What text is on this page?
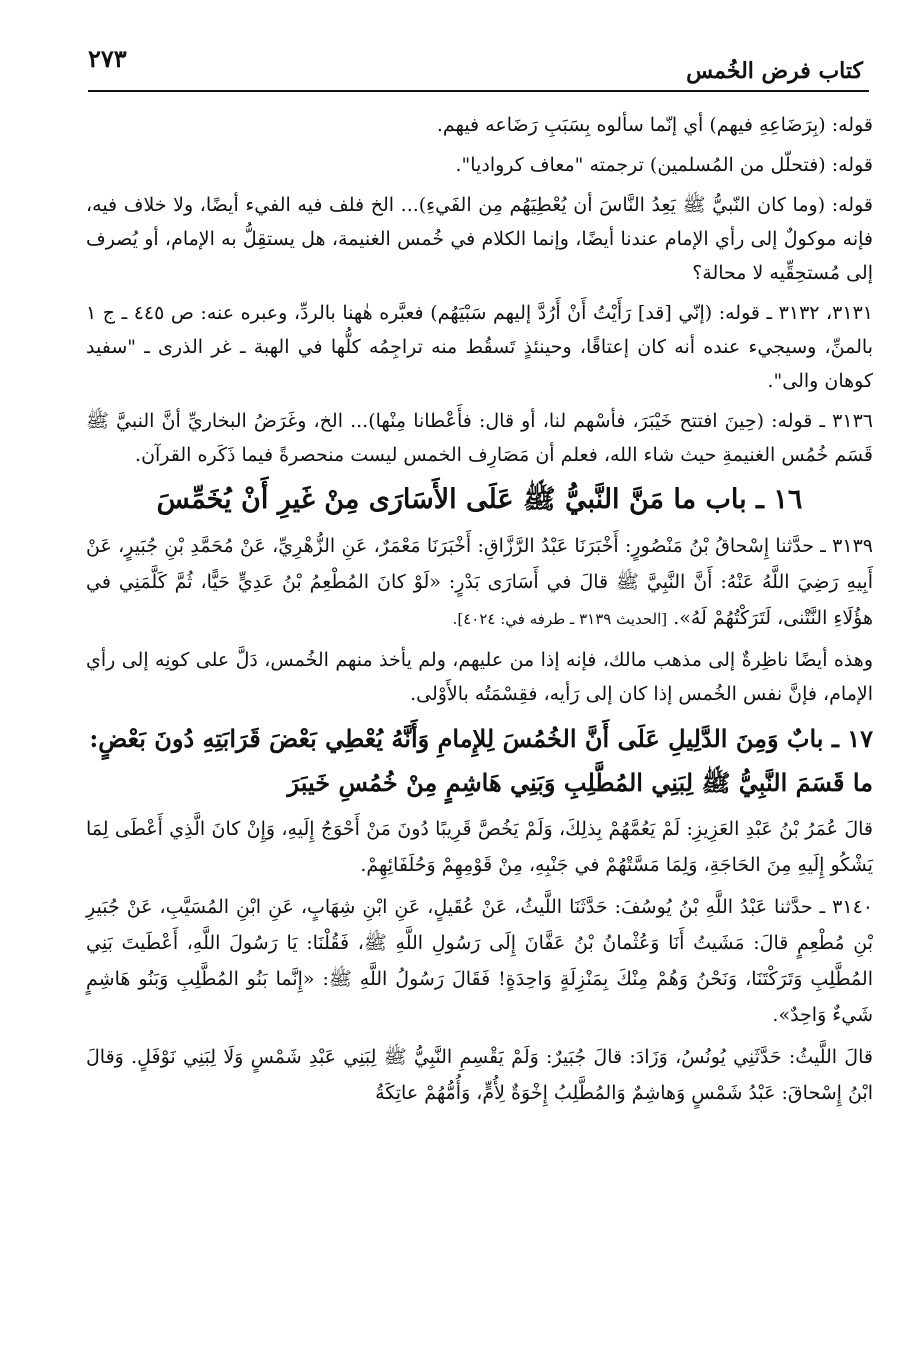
كتاب فرض الخُمس
٢٧٣

قوله: (بِرَضَاعِهِ فيهم) أي إنّما سألوه بِسَبَبِ رَضَاعه فيهم.

قوله: (فتحلّل من المُسلمين) ترجمته "معاف كروادیا".

قوله: (وما كان النّبيُّ ﷺ يَعِدُ النَّاسَ أن يُعْطِيَهُم مِن الفَيءِ)... الخ فلف فيه الفيء أيضًا، ولا خلاف فيه، فإنه موكولٌ إلى رأي الإمام عندنا أيضًا، وإنما الكلام في خُمس الغنيمة، هل يستقِلُّ به الإمام، أو يُصرف إلى مُستحِقِّيه لا محالة؟

٣١٣١، ٣١٣٢ ـ قوله: (إنّي [قد] رَأَيْتُ أَنْ أَرُدَّ إليهم سَبْيَهُم) فعبَّره هٰهنا بالردِّ، وعبره عنه: ص ٤٤٥ ـ ج ١ بالمنِّ، وسيجيء عنده أنه كان إعتاقًا، وحينئذٍ تَسقُط منه تراجِمُه كلُّها في الهبة ـ غر الذرى ـ "سفيد كوهان والى".

٣١٣٦ ـ قوله: (حِينَ افتتح خَيْبَرَ، فأسْهم لنا، أو قال: فأَعْطانا مِنْها)... الخ، وغَرَضُ البخاريِّ أنَّ النبيَّ ﷺ قَسَم خُمُس الغنيمةِ حيث شاء الله، فعلم أن مَصَارِف الخمس ليست منحصرةً فيما ذَكَره القرآن.

١٦ ـ باب ما مَنَّ النَّبيُّ ﷺ عَلَى الأَسَارَى مِنْ غَيرِ أَنْ يُخَمِّسَ

٣١٣٩ ـ حدَّثنا إِسْحاقُ بْنُ مَنْصُورٍ: أَخْبَرَنَا عَبْدُ الرَّزَّاقِ: أَخْبَرَنَا مَعْمَرٌ، عَنِ الزُّهْرِيِّ، عَنْ مُحَمَّدِ بْنِ جُبَيرٍ، عَنْ أَبِيهِ رَضِيَ اللَّهُ عَنْهُ: أَنَّ النَّبِيَّ ﷺ قالَ في أَسَارَى بَدْرٍ: «لَوْ كانَ المُطْعِمُ بْنُ عَدِيٍّ حَيًّا، ثُمَّ كَلَّمَنِي في هؤُلَاءِ النَّتْنى، لَتَرَكْتُهُمْ لَهُ». [الحديث ٣١٣٩ ـ طرفه في: ٤٠٢٤].

وهذه أيضًا ناظِرةٌ إلى مذهب مالك، فإنه إذا من عليهم، ولم يأخذ منهم الخُمس، دَلَّ على كونِه إلى رأي الإمام، فإنَّ نفس الخُمس إذا كان إلى رَأيه، فقِسْمَتُه بالأَوْلى.

١٧ ـ بابٌ وَمِنَ الدَّلِيلِ عَلَى أَنَّ الخُمُسَ لِلإِمامِ وَأَنَّهُ يُعْطِي بَعْضَ قَرَابَتِهِ دُونَ بَعْضٍ: ما قَسَمَ النَّبِيُّ ﷺ لِبَنِي المُطَّلِبِ وَبَنِي هَاشِمٍ مِنْ خُمُسِ خَيبَرَ

قالَ عُمَرُ بْنُ عَبْدِ العَزِيزِ: لَمْ يَعُمَّهُمْ بِذلِكَ، وَلَمْ يَخُصَّ قَرِيبًا دُونَ مَنْ أَحْوَجُ إِلَيهِ، وَإِنْ كانَ الَّذِي أَعْطَى لِمَا يَشْكُو إِلَيهِ مِنَ الحَاجَةِ، وَلِمَا مَسَّتْهُمْ في جَنْبِهِ، مِنْ قَوْمِهِمْ وَحُلَفَائِهِمْ.

٣١٤٠ ـ حدَّثنا عَبْدُ اللَّهِ بْنُ يُوسُفَ: حَدَّثَنَا اللَّيثُ، عَنْ عُقَيلٍ، عَنِ ابْنِ شِهَابٍ، عَنِ ابْنِ المُسَيَّبِ، عَنْ جُبَيرِ بْنِ مُطْعِمٍ قالَ: مَشَيتُ أَنَا وَعُثْمانُ بْنُ عَفَّانَ إِلَى رَسُولِ اللَّهِ ﷺ، فَقُلْنَا: يَا رَسُولَ اللَّهِ، أَعْطَيتَ بَنِي المُطَّلِبِ وَتَرَكْتَنَا، وَنَحْنُ وَهُمْ مِنْكَ بِمَنْزِلَةٍ وَاحِدَةٍ! فَقَالَ رَسُولُ اللَّهِ ﷺ: «إِنَّما بَنُو المُطَّلِبِ وَبَنُو هَاشِمٍ شَيءٌ وَاحِدٌ».

قالَ اللَّيثُ: حَدَّثَنِي يُونُسُ، وَزَادَ: قالَ جُبَيرٌ: وَلَمْ يَقْسِمِ النَّبِيُّ ﷺ لِبَنِي عَبْدِ شَمْسٍ وَلَا لِبَنِي نَوْفَلٍ. وَقالَ ابْنُ إِسْحاقَ: عَبْدُ شَمْسٍ وَهاشِمٌ وَالمُطَّلِبُ إِخْوَةٌ لِأُمٍّ، وَأُمُّهُمْ عاتِكَةُ
